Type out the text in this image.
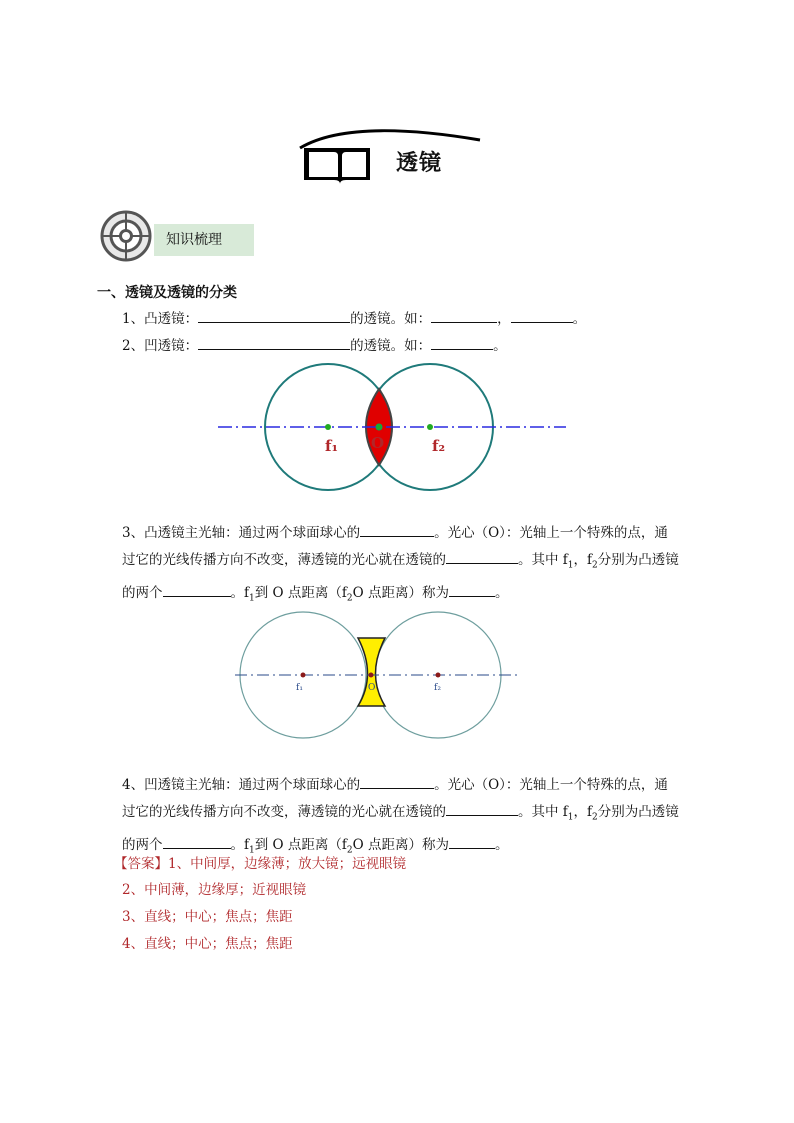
透镜
知识梳理
一、透镜及透镜的分类
1、凸透镜：	的透镜。如：	，	。
2、凹透镜：	的透镜。如：	。
f₁ O	f₂
3、凸透镜主光轴：通过两个球面球心的	。光心（O）：光轴上一个特殊的点，通
过它的光线传播方向不改变，薄透镜的光心就在透镜的	。其中 $f_1$，$f_2$分别为凸透镜
的两个	。$f_1$到 O 点距离（$f_2O$ 点距离）称为	。
f₁	O	f₂
4、凹透镜主光轴：通过两个球面球心的	。光心（O）：光轴上一个特殊的点，通
过它的光线传播方向不改变，薄透镜的光心就在透镜的	。其中 $f_1$，$f_2$分别为凸透镜
的两个	。$f_1$到 O 点距离（$f_2O$ 点距离）称为	。
【答案】1、中间厚，边缘薄；放大镜；远视眼镜
2、中间薄，边缘厚；近视眼镜
3、直线；中心；焦点；焦距
4、直线；中心；焦点；焦距
